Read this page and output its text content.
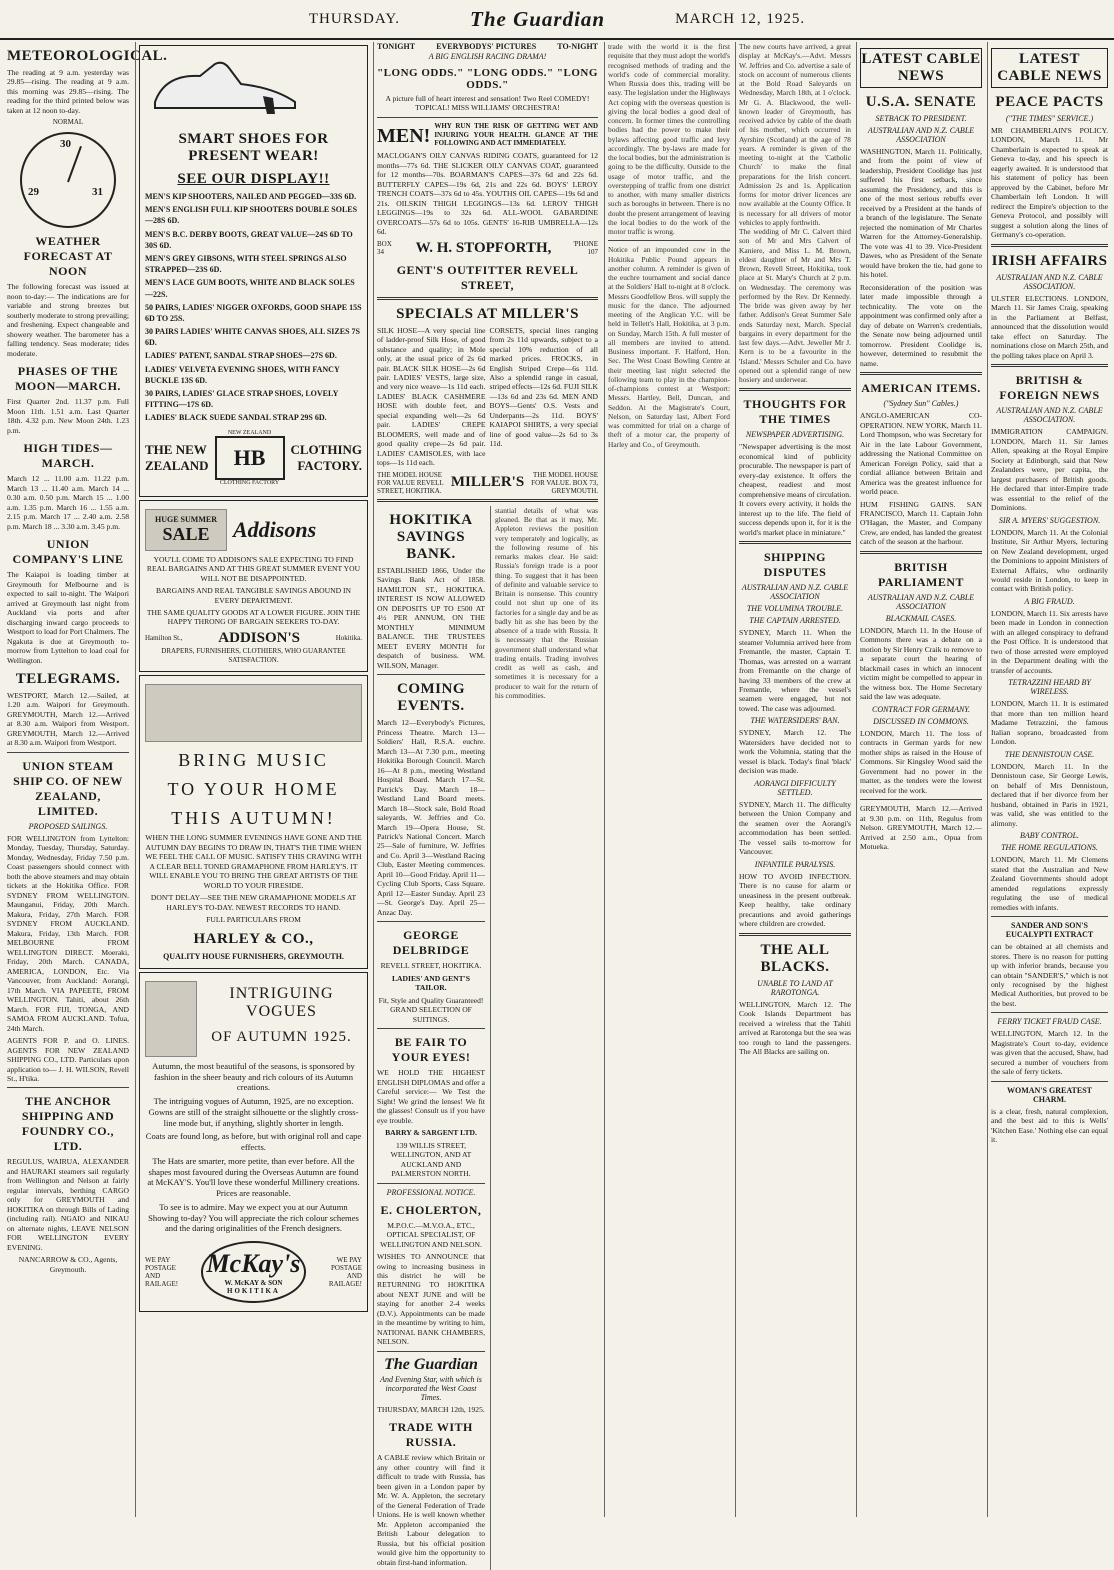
THURSDAY.	The Guardian	MARCH 12, 1925.
METEOROLOGICAL.
The reading at 9 a.m. yesterday was 29.85—rising. The reading at 9 a.m. this morning was 29.85—rising. The reading for the third printed below was taken at 12 noon to-day.
NORMAL
30
29	31
WEATHER FORECAST AT NOON
The following forecast was issued at noon to-day:— The indications are for variable and strong breezes but southerly moderate to strong prevailing; and freshening. Expect changeable and showery weather. The barometer has a falling tendency. Seas moderate; tides moderate.
PHASES OF THE MOON—MARCH.
First Quarter 2nd. 11.37 p.m. Full Moon 11th. 1.51 a.m. Last Quarter 18th. 4.32 p.m. New Moon 24th. 1.23 p.m.
HIGH TIDES—MARCH.
March 12 ... 11.00 a.m. 11.22 p.m. March 13 ... 11.40 a.m. March 14 ... 0.30 a.m. 0.50 p.m. March 15 ... 1.00 a.m. 1.35 p.m. March 16 ... 1.55 a.m. 2.15 p.m. March 17 ... 2.40 a.m. 2.58 p.m. March 18 ... 3.30 a.m. 3.45 p.m.
UNION COMPANY'S LINE
The Kaiapoi is loading timber at Greymouth for Melbourne and is expected to sail to-night. The Waipori arrived at Greymouth last night from Auckland via ports and after discharging inward cargo proceeds to Westport to load for Port Chalmers. The Ngakuta is due at Greymouth to-morrow from Lyttelton to load coal for Wellington.
TELEGRAMS.
WESTPORT, March 12.—Sailed, at 1.20 a.m. Waipori for Greymouth. GREYMOUTH, March 12.—Arrived at 8.30 a.m. Waipori from Westport. GREYMOUTH, March 12.—Arrived at 8.30 a.m. Waipori from Westport.
UNION STEAM SHIP CO. OF NEW ZEALAND, LIMITED.
PROPOSED SAILINGS.
FOR WELLINGTON from Lyttelton: Monday, Tuesday, Thursday, Saturday. Monday, Wednesday, Friday 7.50 p.m. Coast passengers should connect with both the above steamers and may obtain tickets at the Hokitika Office. FOR SYDNEY FROM WELLINGTON. Maunganui, Friday, 20th March. Makura, Friday, 27th March. FOR SYDNEY FROM AUCKLAND. Makura, Friday, 13th March. FOR MELBOURNE FROM WELLINGTON DIRECT. Moeraki, Friday, 20th March. CANADA, AMERICA, LONDON, Etc. Via Vancouver, from Auckland: Aorangi, 17th March. VIA PAPEETE, FROM WELLINGTON. Tahiti, about 26th March. FOR FIJI, TONGA, AND SAMOA FROM AUCKLAND. Tofua, 24th March.
AGENTS FOR P. and O. LINES. AGENTS FOR NEW ZEALAND SHIPPING CO., LTD. Particulars upon application to— J. H. WILSON, Revell St., H'tika.
THE ANCHOR SHIPPING AND FOUNDRY CO., LTD.
REGULUS, WAIRUA, ALEXANDER and HAURAKI steamers sail regularly from Wellington and Nelson at fairly regular intervals, berthing CARGO only for GREYMOUTH and HOKITIKA on through Bills of Lading (including rail). NGAIO and NIKAU on alternate nights, LEAVE NELSON FOR WELLINGTON EVERY EVENING.
NANCARROW & CO., Agents, Greymouth.
SMART SHOES FOR PRESENT WEAR!
SEE OUR DISPLAY!!
MEN'S KIP SHOOTERS, NAILED AND PEGGED—33S 6D.
MEN'S ENGLISH FULL KIP SHOOTERS DOUBLE SOLES—28S 6D.
MEN'S B.C. DERBY BOOTS, GREAT VALUE—24S 6D TO 30S 6D.
MEN'S GREY GIBSONS, WITH STEEL SPRINGS ALSO STRAPPED—23S 6D.
MEN'S LACE GUM BOOTS, WHITE AND BLACK SOLES—22S.
50 PAIRS, LADIES' NIGGER OXFORDS, GOOD SHAPE 15S 6D TO 25S.
30 PAIRS LADIES' WHITE CANVAS SHOES, ALL SIZES 7S 6D.
LADIES' PATENT, SANDAL STRAP SHOES—27S 6D.
LADIES' VELVETA EVENING SHOES, WITH FANCY BUCKLE 13S 6D.
30 PAIRS, LADIES' GLACE STRAP SHOES, LOVELY FITTING—17S 6D.
LADIES' BLACK SUEDE SANDAL STRAP 29S 6D.
THE NEW
ZEALAND
NEW ZEALAND
HB
CLOTHING FACTORY
CLOTHING
FACTORY.
HUGE SUMMER
SALE Addisons
YOU'LL COME TO ADDISON'S SALE EXPECTING TO FIND REAL BARGAINS AND AT THIS GREAT SUMMER EVENT YOU WILL NOT BE DISAPPOINTED.
BARGAINS AND REAL TANGIBLE SAVINGS ABOUND IN EVERY DEPARTMENT.
THE SAME QUALITY GOODS AT A LOWER FIGURE. JOIN THE HAPPY THRONG OF BARGAIN SEEKERS TO-DAY.
Hamilton St., ADDISON'S	Hokitika.
DRAPERS, FURNISHERS, CLOTHIERS, WHO GUARANTEE SATISFACTION.
BRING MUSIC
TO YOUR HOME
THIS AUTUMN!
WHEN THE LONG SUMMER EVENINGS HAVE GONE AND THE AUTUMN DAY BEGINS TO DRAW IN, THAT'S THE TIME WHEN WE FEEL THE CALL OF MUSIC. SATISFY THIS CRAVING WITH A CLEAR BELL TONED GRAMAPHONE FROM HARLEY'S. IT WILL ENABLE YOU TO BRING THE GREAT ARTISTS OF THE WORLD TO YOUR FIRESIDE.
DON'T DELAY—SEE THE NEW GRAMAPHONE MODELS AT HARLEY'S TO-DAY. NEWEST RECORDS TO HAND.
FULL PARTICULARS FROM
HARLEY & CO.,
QUALITY HOUSE FURNISHERS, GREYMOUTH.
INTRIGUING VOGUES
OF AUTUMN 1925.
Autumn, the most beautiful of the seasons, is sponsored by fashion in the sheer beauty and rich colours of its Autumn creations.
The intriguing vogues of Autumn, 1925, are no exception. Gowns are still of the straight silhouette or the slightly cross-line mode but, if anything, slightly shorter in length.
Coats are found long, as before, but with original roll and cape effects.
The Hats are smarter, more petite, than ever before. All the shapes most favoured during the Overseas Autumn are found at McKAY'S. You'll love these wonderful Millinery creations. Prices are reasonable.
To see is to admire. May we expect you at our Autumn Showing to-day? You will appreciate the rich colour schemes and the daring originalities of the French designers.
WE PAY POSTAGE AND RAILAGE!
McKay's
W. McKAY & SON
HOKITIKA
WE PAY POSTAGE AND RAILAGE!
TONIGHT	EVERYBODYS' PICTURES	TO-NIGHT
A BIG ENGLISH RACING DRAMA!
"LONG ODDS." "LONG ODDS." "LONG ODDS."
A picture full of heart interest and sensation! Two Reel COMEDY! TOPICAL! MISS WILLIAMS' ORCHESTRA!
MEN! WHY RUN THE RISK OF GETTING WET AND INJURING YOUR HEALTH. GLANCE AT THE FOLLOWING AND ACT IMMEDIATELY.
MACLOGAN'S OILY CANVAS RIDING COATS, guaranteed for 12 months—77s 6d. THE SLICKER OILY CANVAS COAT, guaranteed for 12 months—70s. BOARMAN'S CAPES—37s 6d and 22s 6d. BUTTERFLY CAPES—19s 6d, 21s and 22s 6d. BOYS' LEROY TRENCH COATS—37s 6d to 45s. YOUTHS OIL CAPES—19s 6d and 21s. OILSKIN THIGH LEGGINGS—13s 6d. LEROY THIGH LEGGINGS—19s to 32s 6d. ALL-WOOL GABARDINE OVERCOATS—57s 6d to 105s. GENTS' 16-RIB UMBRELLA—12s 6d.
BOX 34	W. H. STOPFORTH,	'PHONE 107
GENT'S OUTFITTER REVELL STREET,
SPECIALS AT MILLER'S
SILK HOSE—A very special line of ladder-proof Silk Hose, of good substance and quality; in Mole only, at the usual price of 2s 6d pair. BLACK SILK HOSE—2s 6d pair. LADIES' VESTS, large size, and very nice weave—1s 11d each. LADIES' BLACK CASHMERE HOSE with double feet, and special expanding welt—2s 6d pair. LADIES' CREPE BLOOMERS, well made and of good quality crepe—2s 6d pair. LADIES' CAMISOLES, with lace tops—1s 11d each.
CORSETS, special lines ranging from 2s 11d upwards, subject to a special 10% reduction of all marked prices. FROCKS, in English Striped Crepe—6s 11d. Also a splendid range in casual, striped effects—12s 6d. FUJI SILK—13s 6d and 23s 6d. MEN AND BOYS—Gents' O.S. Vests and Underpants—2s 11d. BOYS' KAIAPOI SHIRTS, a very special line of good value—2s 6d to 3s 11d.
THE MODEL HOUSE FOR VALUE REVELL STREET, HOKITIKA.
MILLER'S	THE MODEL HOUSE FOR VALUE. BOX 73, GREYMOUTH.
HOKITIKA SAVINGS BANK.
ESTABLISHED 1866, Under the Savings Bank Act of 1858. HAMILTON ST., HOKITIKA. INTEREST IS NOW ALLOWED ON DEPOSITS UP TO £500 AT 4½ PER ANNUM, ON THE MONTHLY MINIMUM BALANCE. THE TRUSTEES MEET EVERY MONTH for despatch of business. WM. WILSON, Manager.
COMING EVENTS.
March 12—Everybody's Pictures, Princess Theatre. March 13—Soldiers' Hall, R.S.A. euchre. March 13—At 7.30 p.m., meeting Hokitika Borough Council. March 16—At 8 p.m., meeting Westland Hospital Board. March 17—St. Patrick's Day. March 18—Westland Land Board meets. March 18—Stock sale, Bold Road saleyards, W. Jeffries and Co. March 19—Opera House, St. Patrick's National Concert. March 25—Sale of furniture, W. Jeffries and Co. April 3—Westland Racing Club, Easter Meeting commences. April 10—Good Friday. April 11—Cycling Club Sports, Cass Square. April 12—Easter Sunday. April 23—St. George's Day. April 25—Anzac Day.
GEORGE DELBRIDGE
REVELL STREET, HOKITIKA.
LADIES' AND GENT'S TAILOR.
Fit, Style and Quality Guaranteed! GRAND SELECTION OF SUITINGS.
BE FAIR TO YOUR EYES!
WE HOLD THE HIGHEST ENGLISH DIPLOMAS and offer a Careful service:— We Test the Sight! We grind the lenses! We fit the glasses! Consult us if you have eye trouble.
BARRY & SARGENT LTD.
139 WILLIS STREET, WELLINGTON, AND AT AUCKLAND AND PALMERSTON NORTH.
PROFESSIONAL NOTICE.
E. CHOLERTON,
M.P.O.C.—M.V.O.A., ETC., OPTICAL SPECIALIST, OF WELLINGTON AND NELSON.
WISHES TO ANNOUNCE that owing to increasing business in this district he will be RETURNING TO HOKITIKA about NEXT JUNE and will be staying for another 2-4 weeks (D.V.). Appointments can be made in the meantime by writing to him, NATIONAL BANK CHAMBERS, NELSON.
The Guardian
And Evening Star, with which is incorporated the West Coast Times.
THURSDAY, MARCH 12th, 1925.
TRADE WITH RUSSIA.
A CABLE review which Britain or any other country will find it difficult to trade with Russia, has been given in a London paper by Mr. W. A. Appleton, the secretary of the General Federation of Trade Unions. He is well known whether Mr. Appleton accompanied the British Labour delegation to Russia, but his official position would give him the opportunity to obtain first-hand information.
stantial details of what was gleaned. Be that as it may, Mr. Appleton reviews the position very temperately and logically, as the following resume of his remarks makes clear. He said: Russia's foreign trade is a poor thing. To suggest that it has been of definite and valuable service to Britain is nonsense. This country could not shut up one of its factories for a single day and be as badly hit as she has been by the absence of a trade with Russia. It is necessary that the Russian government shall understand what trading entails. Trading involves credit as well as cash, and sometimes it is necessary for a producer to wait for the return of his commodities.
trade with the world it is the first requisite that they must adopt the world's recognised methods of trading and the world's code of commercial morality. When Russia does this, trading will be easy. The legislation under the Highways Act coping with the overseas question is giving the local bodies a good deal of concern. In former times the controlling bodies had the power to make their bylaws affecting good traffic and levy accordingly. The by-laws are made for the local bodies, but the administration is going to be the difficulty. Outside to the usage of motor traffic, and the overstepping of traffic from one district to another, with many smaller districts such as boroughs in between. There is no doubt the present arrangement of leaving the local bodies to do the work of the motor traffic is wrong.
Notice of an impounded cow in the Hokitika Public Pound appears in another column. A reminder is given of the euchre tournament and social dance at the Soldiers' Hall to-night at 8 o'clock. Messrs Goodfellow Bros. will supply the music for the dance. The adjourned meeting of the Anglican Y.C. will be held in Tellett's Hall, Hokitika, at 3 p.m. on Sunday, March 15th. A full muster of all members are invited to attend. Business important. F. Halford, Hon. Sec. The West Coast Bowling Centre at their meeting last night selected the following team to play in the champion-of-champions contest at Westport: Messrs. Hartley, Bell, Duncan, and Seddon. At the Magistrate's Court, Nelson, on Saturday last, Albert Ford was committed for trial on a charge of theft of a motor car, the property of Harley and Co., of Greymouth.
The new courts have arrived, a great display at McKay's.—Advt. Messrs W. Jeffries and Co. advertise a sale of stock on account of numerous clients at the Bold Road Saleyards on Wednesday, March 18th, at 1 o'clock. Mr G. A. Blackwood, the well-known leader of Greymouth, has received advice by cable of the death of his mother, which occurred in Ayrshire (Scotland) at the age of 78 years. A reminder is given of the meeting to-night at the 'Catholic Church' to make the final preparations for the Irish concert. Admission 2s and 1s. Application forms for motor driver licences are now available at the County Office. It is necessary for all drivers of motor vehicles to apply forthwith.
The wedding of Mr C. Calvert third son of Mr and Mrs Calvert of Kaniere, and Miss L. M. Brown, eldest daughter of Mr and Mrs T. Brown, Revell Street, Hokitika, took place at St. Mary's Church at 2 p.m. on Wednesday. The ceremony was performed by the Rev. Dr Kennedy. The bride was given away by her father. Addison's Great Summer Sale ends Saturday next, March. Special bargains in every department for the last few days.—Advt. Jeweller Mr J. Kern is to be a favourite in the 'Island.' Messrs Schuler and Co. have opened out a splendid range of new hosiery and underwear.
THOUGHTS FOR THE TIMES
NEWSPAPER ADVERTISING.
"Newspaper advertising is the most economical kind of publicity procurable. The newspaper is part of every-day existence. It offers the cheapest, readiest and most comprehensive means of circulation. It covers every activity, it holds the interest up to the life. The field of success depends upon it, for it is the world's market place in miniature."
SHIPPING DISPUTES
AUSTRALIAN AND N.Z. CABLE ASSOCIATION
THE VOLUMINA TROUBLE.
THE CAPTAIN ARRESTED.
SYDNEY, March 11. When the steamer Volumnia arrived here from Fremantle, the master, Captain T. Thomas, was arrested on a warrant from Fremantle on the charge of having 33 members of the crew at Fremantle, where the vessel's seamen were engaged, but not towed. The case was adjourned.
THE WATERSIDERS' BAN.
SYDNEY, March 12. The Watersiders have decided not to work the Volumnia, stating that the vessel is black. Today's final 'black' decision was made.
AORANGI DIFFICULTY SETTLED.
SYDNEY, March 11. The difficulty between the Union Company and the seamen over the Aorangi's accommodation has been settled. The vessel sails to-morrow for Vancouver.
INFANTILE PARALYSIS.
HOW TO AVOID INFECTION. There is no cause for alarm or uneasiness in the present outbreak. Keep healthy, take ordinary precautions and avoid gatherings where children are crowded.
THE ALL BLACKS.
UNABLE TO LAND AT RAROTONGA.
WELLINGTON, March 12. The Cook Islands Department has received a wireless that the Tahiti arrived at Rarotonga but the sea was too rough to land the passengers. The All Blacks are sailing on.
LATEST CABLE NEWS
U.S.A. SENATE
SETBACK TO PRESIDENT.
AUSTRALIAN AND N.Z. CABLE ASSOCIATION
WASHINGTON, March 11. Politically, and from the point of view of leadership, President Coolidge has just suffered his first setback, since assuming the Presidency, and this is one of the most serious rebuffs ever received by a President at the hands of a branch of the legislature. The Senate rejected the nomination of Mr Charles Warren for the Attorney-Generalship. The vote was 41 to 39. Vice-President Dawes, who as President of the Senate would have broken the tie, had gone to his hotel.
Reconsideration of the position was later made impossible through a technicality. The vote on the appointment was confirmed only after a day of debate on Warren's credentials, the Senate now being adjourned until tomorrow. President Coolidge is, however, determined to resubmit the name.
AMERICAN ITEMS.
("Sydney Sun" Cables.)
ANGLO-AMERICAN CO-OPERATION. NEW YORK, March 11. Lord Thompson, who was Secretary for Air in the late Labour Government, addressing the National Committee on American Foreign Policy, said that a cordial alliance between Britain and America was the greatest influence for world peace.
HUM FISHING GAINS. SAN FRANCISCO, March 11. Captain John O'Hagan, the Master, and Company Crew, are ended, has landed the greatest catch of the season at the harbour.
BRITISH PARLIAMENT
AUSTRALIAN AND N.Z. CABLE ASSOCIATION
BLACKMAIL CASES.
LONDON, March 11. In the House of Commons there was a debate on a motion by Sir Henry Craik to remove to a separate court the hearing of blackmail cases in which an innocent victim might be compelled to appear in the witness box. The Home Secretary said the law was adequate.
CONTRACT FOR GERMANY.
DISCUSSED IN COMMONS.
LONDON, March 11. The loss of contracts in German yards for new mother ships as raised in the House of Commons. Sir Kingsley Wood said the Government had no power in the matter, as the tenders were the lowest received for the work.
GREYMOUTH, March 12.—Arrived at 9.30 p.m. on 11th, Regulus from Nelson. GREYMOUTH, March 12.—Arrived at 2.50 a.m., Opua from Motueka.
LATEST CABLE NEWS
PEACE PACTS
("THE TIMES" SERVICE.)
MR CHAMBERLAIN'S POLICY. LONDON, March 11. Mr Chamberlain is expected to speak at Geneva to-day, and his speech is eagerly awaited. It is understood that his statement of policy has been approved by the Cabinet, before Mr Chamberlain left London. It will redirect the Empire's objection to the Geneva Protocol, and possibly will suggest a solution along the lines of Germany's co-operation.
IRISH AFFAIRS
AUSTRALIAN AND N.Z. CABLE ASSOCIATION.
ULSTER ELECTIONS. LONDON, March 11. Sir James Craig, speaking in the Parliament at Belfast, announced that the dissolution would take effect on Saturday. The nominations close on March 25th, and the polling takes place on April 3.
BRITISH & FOREIGN NEWS
AUSTRALIAN AND N.Z. CABLE ASSOCIATION.
IMMIGRATION CAMPAIGN. LONDON, March 11. Sir James Allen, speaking at the Royal Empire Society at Edinburgh, said that New Zealanders were, per capita, the largest purchasers of British goods. He declared that inter-Empire trade was essential to the relief of the Dominions.
SIR A. MYERS' SUGGESTION.
LONDON, March 11. At the Colonial Institute, Sir Arthur Myers, lecturing on New Zealand development, urged the Dominions to appoint Ministers of External Affairs, who ordinarily would reside in London, to keep in contact with British policy.
A BIG FRAUD.
LONDON, March 11. Six arrests have been made in London in connection with an alleged conspiracy to defraud the Post Office. It is understood that two of those arrested were employed in the Department dealing with the transfer of accounts.
TETRAZZINI HEARD BY WIRELESS.
LONDON, March 11. It is estimated that more than ten million heard Madame Tetrazzini, the famous Italian soprano, broadcasted from London.
THE DENNISTOUN CASE.
LONDON, March 11. In the Dennistoun case, Sir George Lewis, on behalf of Mrs Dennistoun, declared that if her divorce from her husband, obtained in Paris in 1921, was valid, she was entitled to the alimony.
BABY CONTROL.
THE HOME REGULATIONS.
LONDON, March 11. Mr Clemens stated that the Australian and New Zealand Governments should adopt amended regulations expressly regulating the use of medical remedies with infants.
SANDER AND SON'S EUCALYPTI EXTRACT
can be obtained at all chemists and stores. There is no reason for putting up with inferior brands, because you can obtain "SANDER'S," which is not only recognised by the highest Medical Authorities, but proved to be the best.
FERRY TICKET FRAUD CASE.
WELLINGTON, March 12. In the Magistrate's Court to-day, evidence was given that the accused, Shaw, had secured a number of vouchers from the sale of ferry tickets.
WOMAN'S GREATEST CHARM.
is a clear, fresh, natural complexion, and the best aid to this is Wells' 'Kitchen Ease.' Nothing else can equal it.
